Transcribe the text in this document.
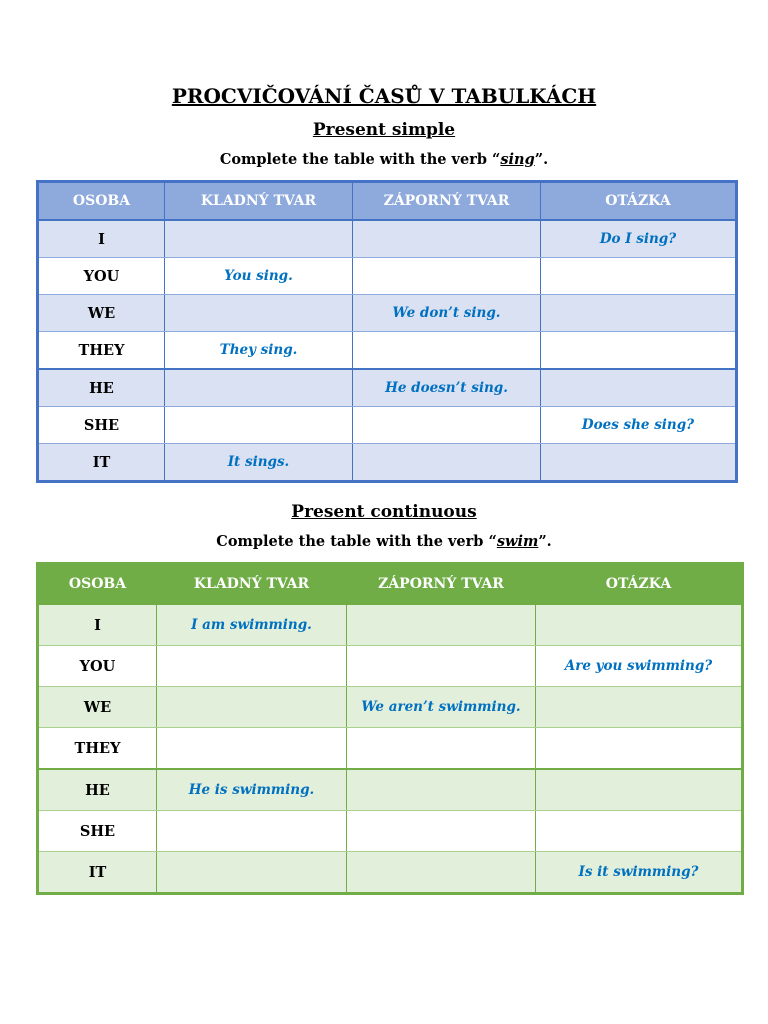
PROCVIČOVÁNÍ ČASŮ V TABULKÁCH
Present simple
Complete the table with the verb “sing”.
OSOBA	KLADNÝ TVAR	ZÁPORNÝ TVAR	OTÁZKA
I			Do I sing?
YOU	You sing.		
WE		We don’t sing.	
THEY	They sing.		
HE		He doesn’t sing.	
SHE			Does she sing?
IT	It sings.		
Present continuous
Complete the table with the verb “swim”.
OSOBA	KLADNÝ TVAR	ZÁPORNÝ TVAR	OTÁZKA
I	I am swimming.		
YOU			Are you swimming?
WE		We aren’t swimming.	
THEY			
HE	He is swimming.		
SHE			
IT			Is it swimming?
